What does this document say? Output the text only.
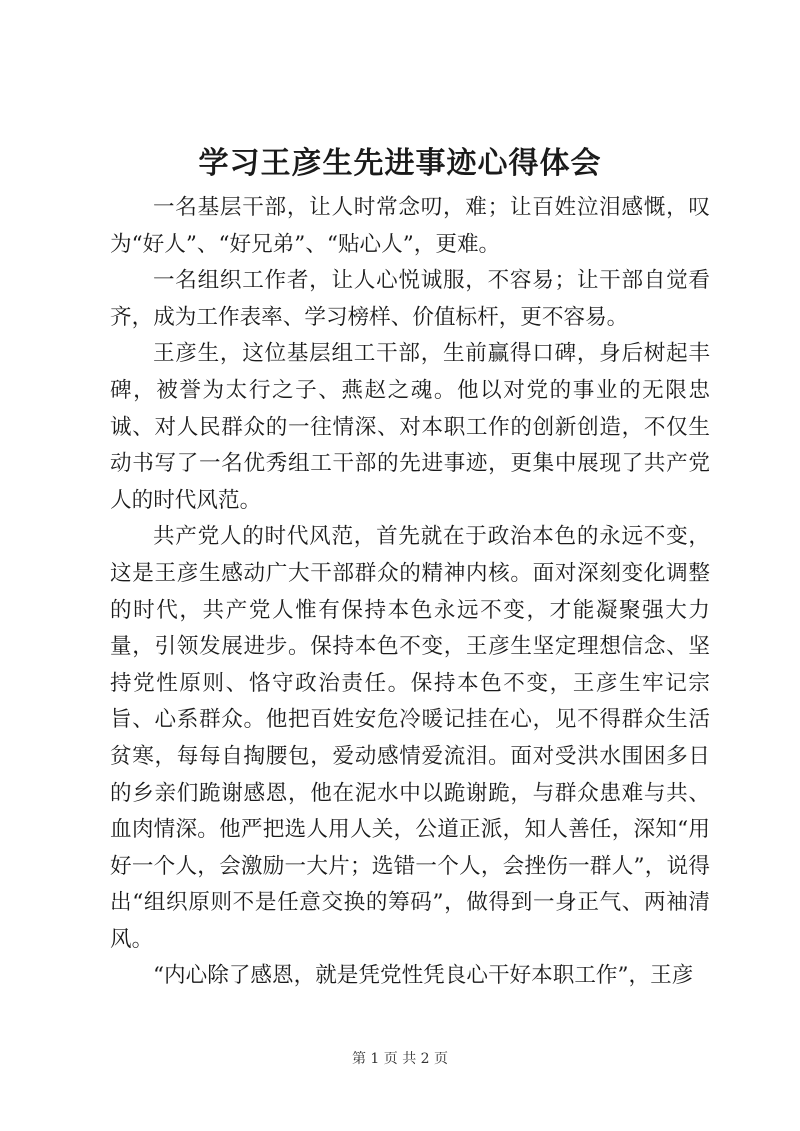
学习王彦生先进事迹心得体会

一名基层干部，让人时常念叨，难；让百姓泣泪感慨，叹为“好人”、“好兄弟”、“贴心人”，更难。

一名组织工作者，让人心悦诚服，不容易；让干部自觉看齐，成为工作表率、学习榜样、价值标杆，更不容易。

王彦生，这位基层组工干部，生前赢得口碑，身后树起丰碑，被誉为太行之子、燕赵之魂。他以对党的事业的无限忠诚、对人民群众的一往情深、对本职工作的创新创造，不仅生动书写了一名优秀组工干部的先进事迹，更集中展现了共产党人的时代风范。

共产党人的时代风范，首先就在于政治本色的永远不变，这是王彦生感动广大干部群众的精神内核。面对深刻变化调整的时代，共产党人惟有保持本色永远不变，才能凝聚强大力量，引领发展进步。保持本色不变，王彦生坚定理想信念、坚持党性原则、恪守政治责任。保持本色不变，王彦生牢记宗旨、心系群众。他把百姓安危冷暖记挂在心，见不得群众生活贫寒，每每自掏腰包，爱动感情爱流泪。面对受洪水围困多日的乡亲们跪谢感恩，他在泥水中以跪谢跪，与群众患难与共、血肉情深。他严把选人用人关，公道正派，知人善任，深知“用好一个人，会激励一大片；选错一个人，会挫伤一群人”，说得出“组织原则不是任意交换的筹码”，做得到一身正气、两袖清风。

“内心除了感恩，就是凭党性凭良心干好本职工作”，王彦

第 1 页 共 2 页
